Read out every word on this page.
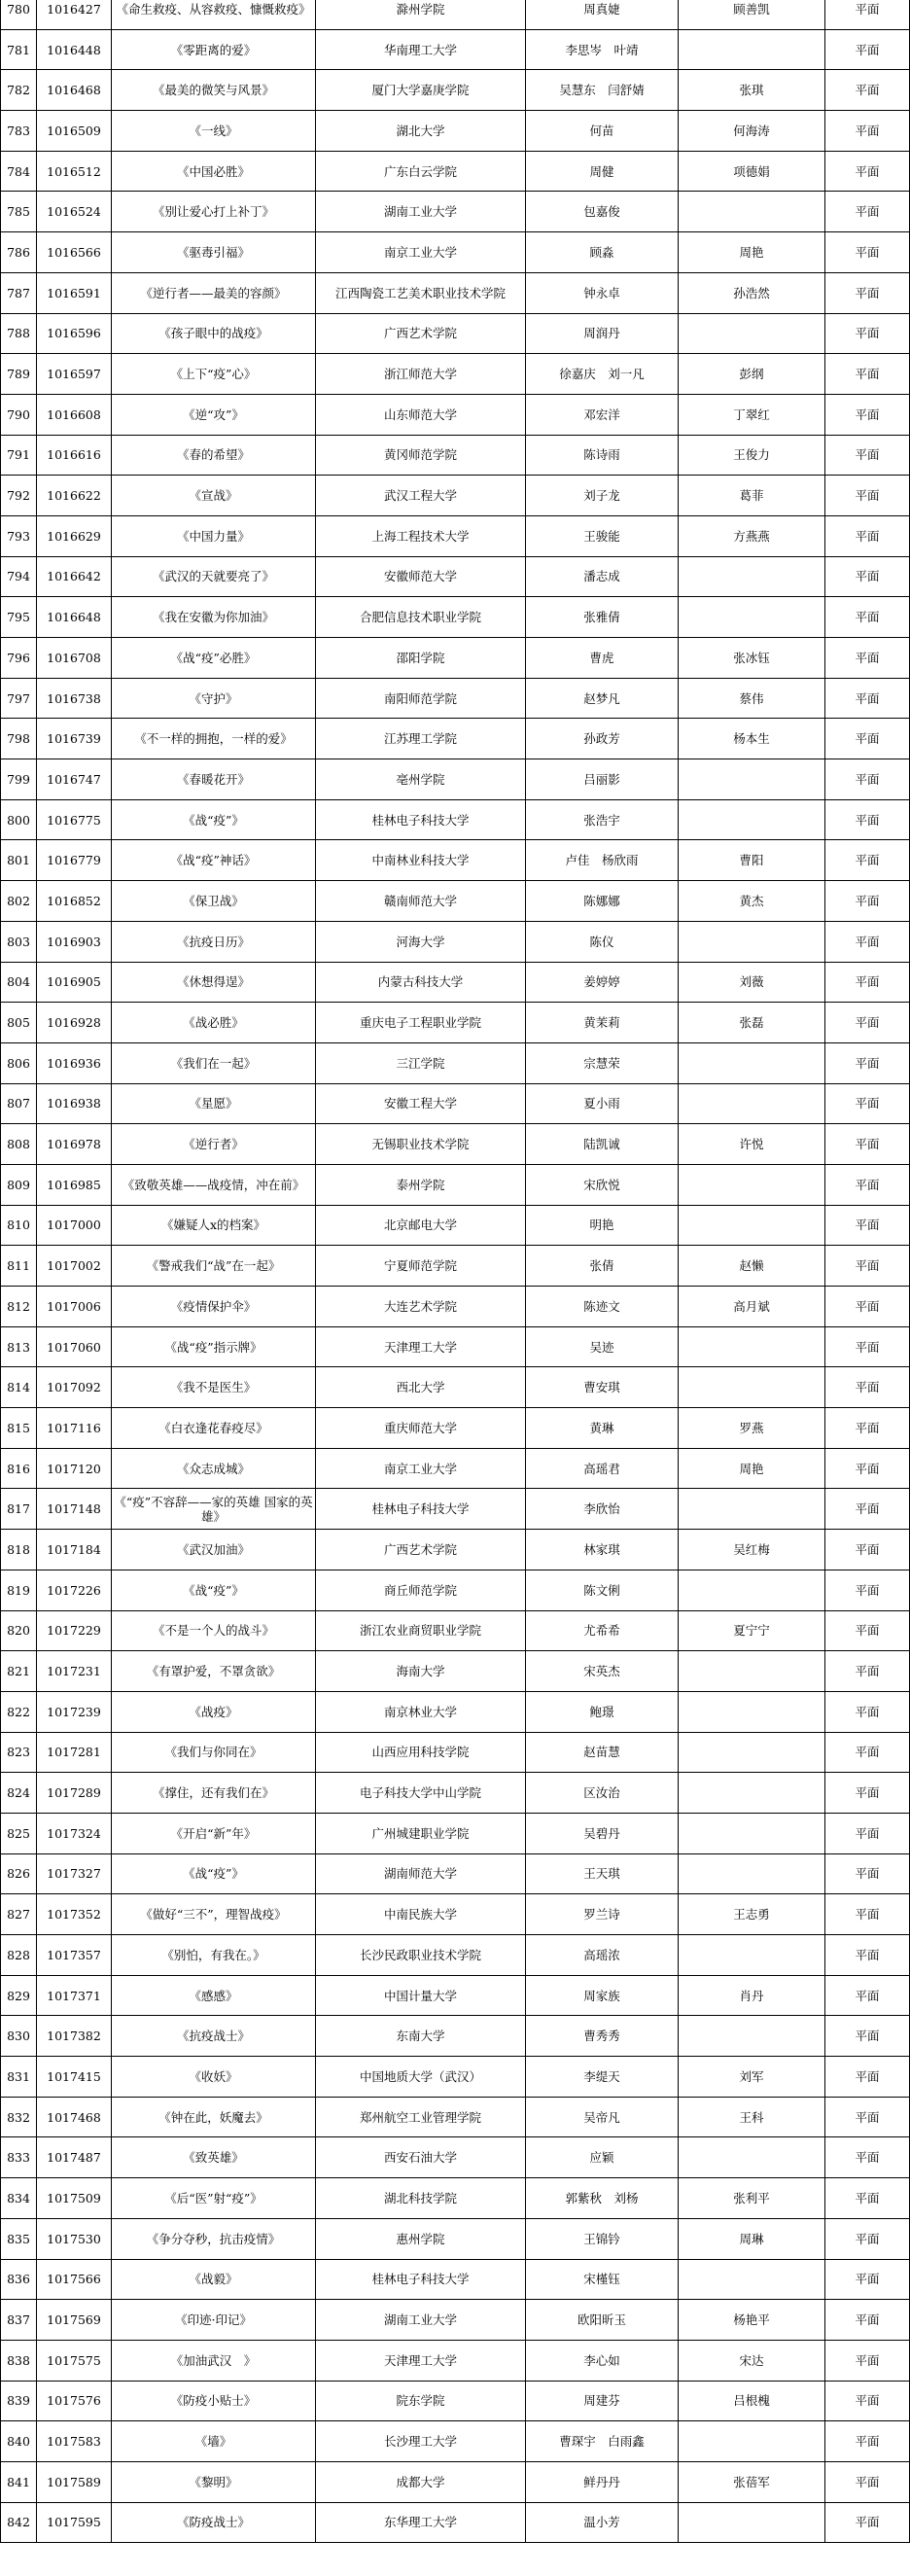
780	1016427	《命生救疫、从容救疫、慷慨救疫》	滁州学院	周真婕	顾善凯	平面
781	1016448	《零距离的爱》	华南理工大学	李思岑　叶靖		平面
782	1016468	《最美的微笑与风景》	厦门大学嘉庚学院	吴慧东　闫舒婧	张琪	平面
783	1016509	《一线》	湖北大学	何苗	何海涛	平面
784	1016512	《中国必胜》	广东白云学院	周健	项德娟	平面
785	1016524	《别让爱心打上补丁》	湖南工业大学	包嘉俊		平面
786	1016566	《驱毒引福》	南京工业大学	顾淼	周艳	平面
787	1016591	《逆行者——最美的容颜》	江西陶瓷工艺美术职业技术学院	钟永卓	孙浩然	平面
788	1016596	《孩子眼中的战疫》	广西艺术学院	周润丹		平面
789	1016597	《上下“疫”心》	浙江师范大学	徐嘉庆　刘一凡	彭纲	平面
790	1016608	《逆“攻”》	山东师范大学	邓宏洋	丁翠红	平面
791	1016616	《春的希望》	黄冈师范学院	陈诗雨	王俊力	平面
792	1016622	《宣战》	武汉工程大学	刘子龙	葛菲	平面
793	1016629	《中国力量》	上海工程技术大学	王骏能	方燕燕	平面
794	1016642	《武汉的天就要亮了》	安徽师范大学	潘志成		平面
795	1016648	《我在安徽为你加油》	合肥信息技术职业学院	张雅倩		平面
796	1016708	《战“疫”必胜》	邵阳学院	曹虎	张冰钰	平面
797	1016738	《守护》	南阳师范学院	赵梦凡	蔡伟	平面
798	1016739	《不一样的拥抱，一样的爱》	江苏理工学院	孙政芳	杨本生	平面
799	1016747	《春暖花开》	亳州学院	吕丽影		平面
800	1016775	《战“疫”》	桂林电子科技大学	张浩宇		平面
801	1016779	《战“疫”神话》	中南林业科技大学	卢佳　杨欣雨	曹阳	平面
802	1016852	《保卫战》	赣南师范大学	陈娜娜	黄杰	平面
803	1016903	《抗疫日历》	河海大学	陈仪		平面
804	1016905	《休想得逞》	内蒙古科技大学	姜婷婷	刘薇	平面
805	1016928	《战必胜》	重庆电子工程职业学院	黄茉莉	张磊	平面
806	1016936	《我们在一起》	三江学院	宗慧荣		平面
807	1016938	《星愿》	安徽工程大学	夏小雨		平面
808	1016978	《逆行者》	无锡职业技术学院	陆凯诚	许悦	平面
809	1016985	《致敬英雄——战疫情，冲在前》	泰州学院	宋欣悦		平面
810	1017000	《嫌疑人x的档案》	北京邮电大学	明艳		平面
811	1017002	《警戒我们“战”在一起》	宁夏师范学院	张倩	赵懒	平面
812	1017006	《疫情保护伞》	大连艺术学院	陈迹文	高月斌	平面
813	1017060	《战“疫”指示牌》	天津理工大学	吴迹		平面
814	1017092	《我不是医生》	西北大学	曹安琪		平面
815	1017116	《白衣逢花春疫尽》	重庆师范大学	黄琳	罗燕	平面
816	1017120	《众志成城》	南京工业大学	高瑶君	周艳	平面
817	1017148	《“疫”不容辞——家的英雄 国家的英雄》	桂林电子科技大学	李欣怡		平面
818	1017184	《武汉加油》	广西艺术学院	林家琪	吴红梅	平面
819	1017226	《战“疫”》	商丘师范学院	陈文俐		平面
820	1017229	《不是一个人的战斗》	浙江农业商贸职业学院	尤希希	夏宁宁	平面
821	1017231	《有罩护爱，不罩贪欲》	海南大学	宋英杰		平面
822	1017239	《战疫》	南京林业大学	鲍璟		平面
823	1017281	《我们与你同在》	山西应用科技学院	赵苗慧		平面
824	1017289	《撑住，还有我们在》	电子科技大学中山学院	区汝治		平面
825	1017324	《开启“新”年》	广州城建职业学院	吴碧丹		平面
826	1017327	《战“疫”》	湖南师范大学	王天琪		平面
827	1017352	《做好“三不”，理智战疫》	中南民族大学	罗兰诗	王志勇	平面
828	1017357	《别怕，有我在。》	长沙民政职业技术学院	高瑶浓		平面
829	1017371	《感感》	中国计量大学	周家族	肖丹	平面
830	1017382	《抗疫战士》	东南大学	曹秀秀		平面
831	1017415	《收妖》	中国地质大学（武汉）	李缇天	刘军	平面
832	1017468	《钟在此，妖魔去》	郑州航空工业管理学院	吴帝凡	王科	平面
833	1017487	《致英雄》	西安石油大学	应颖		平面
834	1017509	《后“医”射“疫”》	湖北科技学院	郭紫秋　刘杨	张利平	平面
835	1017530	《争分夺秒，抗击疫情》	惠州学院	王锦钤	周琳	平面
836	1017566	《战毅》	桂林电子科技大学	宋槿钰		平面
837	1017569	《印迹·印记》	湖南工业大学	欧阳昕玉	杨艳平	平面
838	1017575	《加油武汉　》	天津理工大学	李心如	宋达	平面
839	1017576	《防疫小贴士》	院东学院	周建芬	吕根槐	平面
840	1017583	《墙》	长沙理工大学	曹琛宇　白雨鑫		平面
841	1017589	《黎明》	成都大学	鲜丹丹	张蓓军	平面
842	1017595	《防疫战士》	东华理工大学	温小芳		平面
